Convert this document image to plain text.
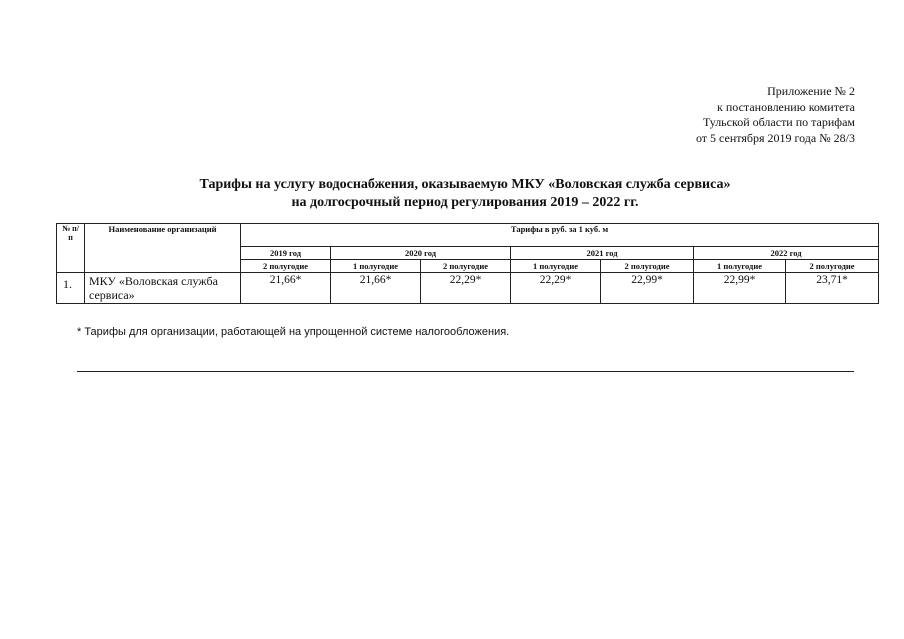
Приложение № 2
к постановлению комитета
Тульской области по тарифам
от 5 сентября 2019 года № 28/3
Тарифы на услугу водоснабжения, оказываемую МКУ «Воловская служба сервиса»
на долгосрочный период регулирования 2019 – 2022 гг.
№ п/п	Наименование организаций	Тарифы в руб. за 1 куб. м						
		2019 год	2020 год		2021 год		2022 год	
		2 полугодие	1 полугодие	2 полугодие	1 полугодие	2 полугодие	1 полугодие	2 полугодие
1.	МКУ «Воловская служба сервиса»	21,66*	21,66*	22,29*	22,29*	22,99*	22,99*	23,71*
* Тарифы для организации, работающей на упрощенной системе налогообложения.
